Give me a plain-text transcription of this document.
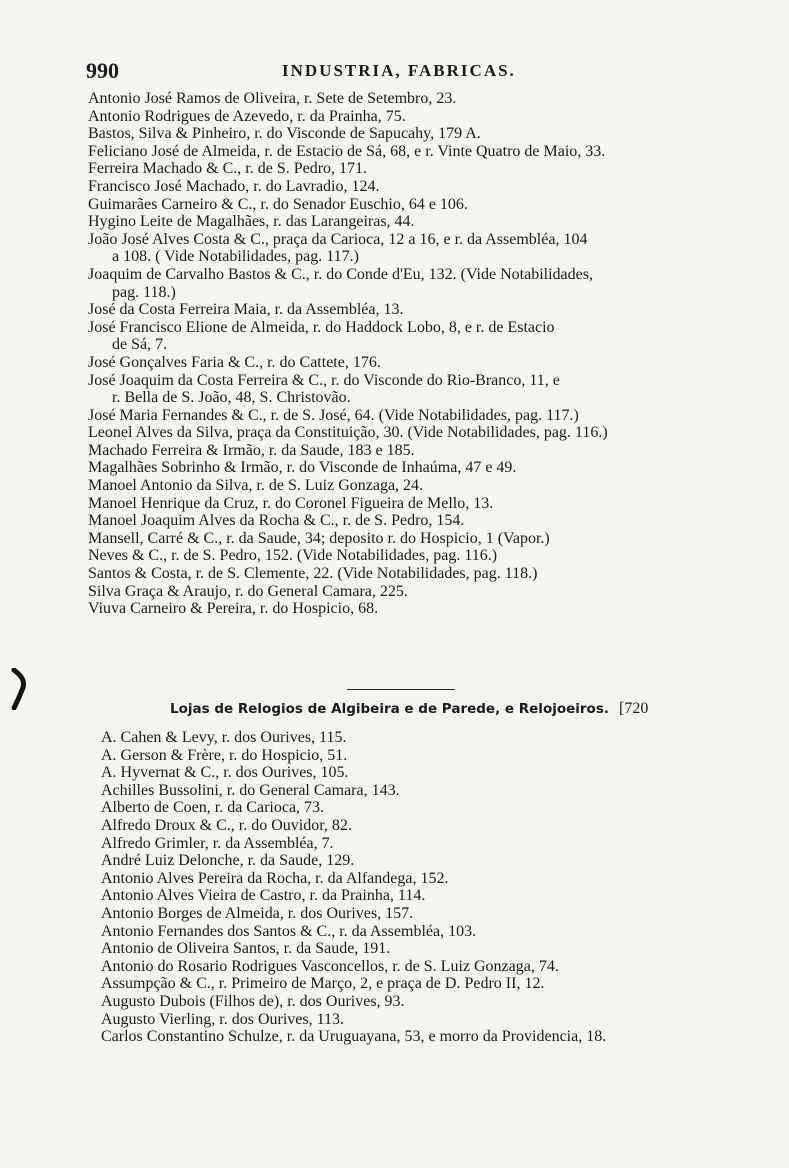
990	INDUSTRIA, FABRICAS.
Antonio José Ramos de Oliveira, r. Sete de Setembro, 23.
Antonio Rodrigues de Azevedo, r. da Prainha, 75.
Bastos, Silva & Pinheiro, r. do Visconde de Sapucahy, 179 A.
Feliciano José de Almeida, r. de Estacio de Sá, 68, e r. Vinte Quatro de Maio, 33.
Ferreira Machado & C., r. de S. Pedro, 171.
Francisco José Machado, r. do Lavradio, 124.
Guimarães Carneiro & C., r. do Senador Euschio, 64 e 106.
Hygino Leite de Magalhães, r. das Larangeiras, 44.
João José Alves Costa & C., praça da Carioca, 12 a 16, e r. da Assembléa, 104
a 108. ( Vide Notabilidades, pag. 117.)
Joaquim de Carvalho Bastos & C., r. do Conde d'Eu, 132. (Vide Notabilidades,
pag. 118.)
José da Costa Ferreira Maia, r. da Assembléa, 13.
José Francisco Elione de Almeida, r. do Haddock Lobo, 8, e r. de Estacio
de Sá, 7.
José Gonçalves Faria & C., r. do Cattete, 176.
José Joaquim da Costa Ferreira & C., r. do Visconde do Rio-Branco, 11, e
r. Bella de S. João, 48, S. Christovão.
José Maria Fernandes & C., r. de S. José, 64. (Vide Notabilidades, pag. 117.)
Leonel Alves da Silva, praça da Constituição, 30. (Vide Notabilidades, pag. 116.)
Machado Ferreira & Irmão, r. da Saude, 183 e 185.
Magalhães Sobrinho & Irmão, r. do Visconde de Inhaúma, 47 e 49.
Manoel Antonio da Silva, r. de S. Luiz Gonzaga, 24.
Manoel Henrique da Cruz, r. do Coronel Figueira de Mello, 13.
Manoel Joaquim Alves da Rocha & C., r. de S. Pedro, 154.
Mansell, Carré & C., r. da Saude, 34; deposito r. do Hospicio, 1 (Vapor.)
Neves & C., r. de S. Pedro, 152. (Vide Notabilidades, pag. 116.)
Santos & Costa, r. de S. Clemente, 22. (Vide Notabilidades, pag. 118.)
Silva Graça & Araujo, r. do General Camara, 225.
Viuva Carneiro & Pereira, r. do Hospicio, 68.
Lojas de Relogios de Algibeira e de Parede, e Relojoeiros. [720
A. Cahen & Levy, r. dos Ourives, 115.
A. Gerson & Frère, r. do Hospicio, 51.
A. Hyvernat & C., r. dos Ourives, 105.
Achilles Bussolini, r. do General Camara, 143.
Alberto de Coen, r. da Carioca, 73.
Alfredo Droux & C., r. do Ouvidor, 82.
Alfredo Grimler, r. da Assembléa, 7.
André Luiz Delonche, r. da Saude, 129.
Antonio Alves Pereira da Rocha, r. da Alfandega, 152.
Antonio Alves Vieira de Castro, r. da Prainha, 114.
Antonio Borges de Almeida, r. dos Ourives, 157.
Antonio Fernandes dos Santos & C., r. da Assembléa, 103.
Antonio de Oliveira Santos, r. da Saude, 191.
Antonio do Rosario Rodrigues Vasconcellos, r. de S. Luiz Gonzaga, 74.
Assumpção & C., r. Primeiro de Março, 2, e praça de D. Pedro II, 12.
Augusto Dubois (Filhos de), r. dos Ourives, 93.
Augusto Vierling, r. dos Ourives, 113.
Carlos Constantino Schulze, r. da Uruguayana, 53, e morro da Providencia, 18.
